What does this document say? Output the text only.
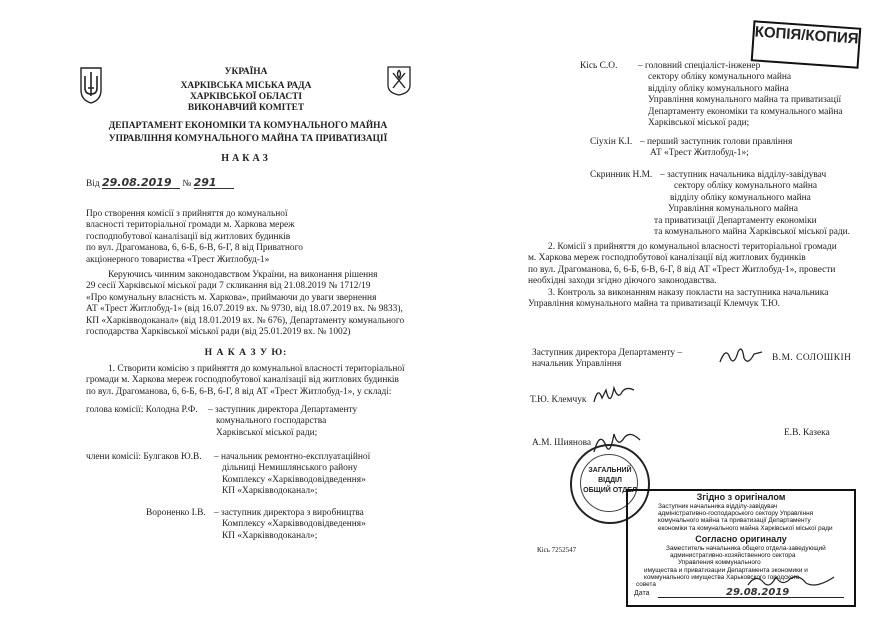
УКРАЇНА
ХАРКІВСЬКА МІСЬКА РАДА
ХАРКІВСЬКОЇ ОБЛАСТІ
ВИКОНАВЧИЙ КОМІТЕТ
ДЕПАРТАМЕНТ ЕКОНОМІКИ ТА КОМУНАЛЬНОГО МАЙНА
УПРАВЛІННЯ КОМУНАЛЬНОГО МАЙНА ТА ПРИВАТИЗАЦІЇ
НАКАЗ
Від 29.08.2019 № 291
Про створення комісії з прийняття до комунальної
власності територіальної громади м. Харкова мереж
господпобутової каналізації від житлових будинків
по вул. Драгоманова, 6, 6-Б, 6-В, 6-Г, 8 від Приватного
акціонерного товариства «Трест Житлобуд-1»
Керуючись чинним законодавством України, на виконання рішення
29 сесії Харківської міської ради 7 скликання від 21.08.2019 № 1712/19
«Про комунальну власність м. Харкова», приймаючи до уваги звернення
АТ «Трест Житлобуд-1» (від 16.07.2019 вх. № 9730, від 18.07.2019 вх. № 9833),
КП «Харківводоканал» (від 18.01.2019 вх. № 676), Департаменту комунального
господарства Харківської міської ради (від 25.01.2019 вх. № 1002)
Н А К А З У Ю:
1. Створити комісію з прийняття до комунальної власності територіальної
громади м. Харкова мереж господпобутової каналізації від житлових будинків
по вул. Драгоманова, 6, 6-Б, 6-В, 6-Г, 8 від АТ «Трест Житлобуд-1», у складі:
голова комісії: Колодна Р.Ф. – заступник директора Департаменту
комунального господарства
Харківської міської ради;
члени комісії: Булгаков Ю.В. – начальник ремонтно-експлуатаційної
дільниці Немишлянського району
Комплексу «Харківводовідведення»
КП «Харківводоканал»;
Вороненко І.В. – заступник директора з виробництва
Комплексу «Харківводовідведення»
КП «Харківводоканал»;
КОПІЯ/КОПИЯ
Кісь С.О. – головний спеціаліст-інженер
сектору обліку комунального майна
відділу обліку комунального майна
Управління комунального майна та приватизації
Департаменту економіки та комунального майна
Харківської міської ради;
Сіухін К.І. – перший заступник голови правління
АТ «Трест Житлобуд-1»;
Скринник Н.М. – заступник начальника відділу-завідувач
сектору обліку комунального майна
відділу обліку комунального майна
Управління комунального майна
та приватизації Департаменту економіки
та комунального майна Харківської міської ради.
2. Комісії з прийняття до комунальної власності територіальної громади
м. Харкова мереж господпобутової каналізації від житлових будинків
по вул. Драгоманова, 6, 6-Б, 6-В, 6-Г, 8 від АТ «Трест Житлобуд-1», провести
необхідні заходи згідно діючого законодавства.
3. Контроль за виконанням наказу покласти на заступника начальника
Управління комунального майна та приватизації Клемчук Т.Ю.
Заступник директора Департаменту –
начальник Управління
В.М. СОЛОШКІН
Т.Ю. Клемчук
А.М. Шиянова
Е.В. Казека
ЗАГАЛЬНИЙ
ВІДДІЛ
ОБЩИЙ ОТДЕЛ
Кісь 7252547
Згідно з оригіналом
Заступник начальника відділу-завідувач
адміністративно-господарського сектору Управління
комунального майна та приватизації Департаменту
економіки та комунального майна Харківської міської ради
Согласно оригиналу
Заместитель начальника общего отдела-заведующий
административно-хозяйственного сектора
Управления коммунального
имущества и приватизации Департамента экономики и
коммунального имущества Харьковского городского
совета
Дата	29.08.2019
